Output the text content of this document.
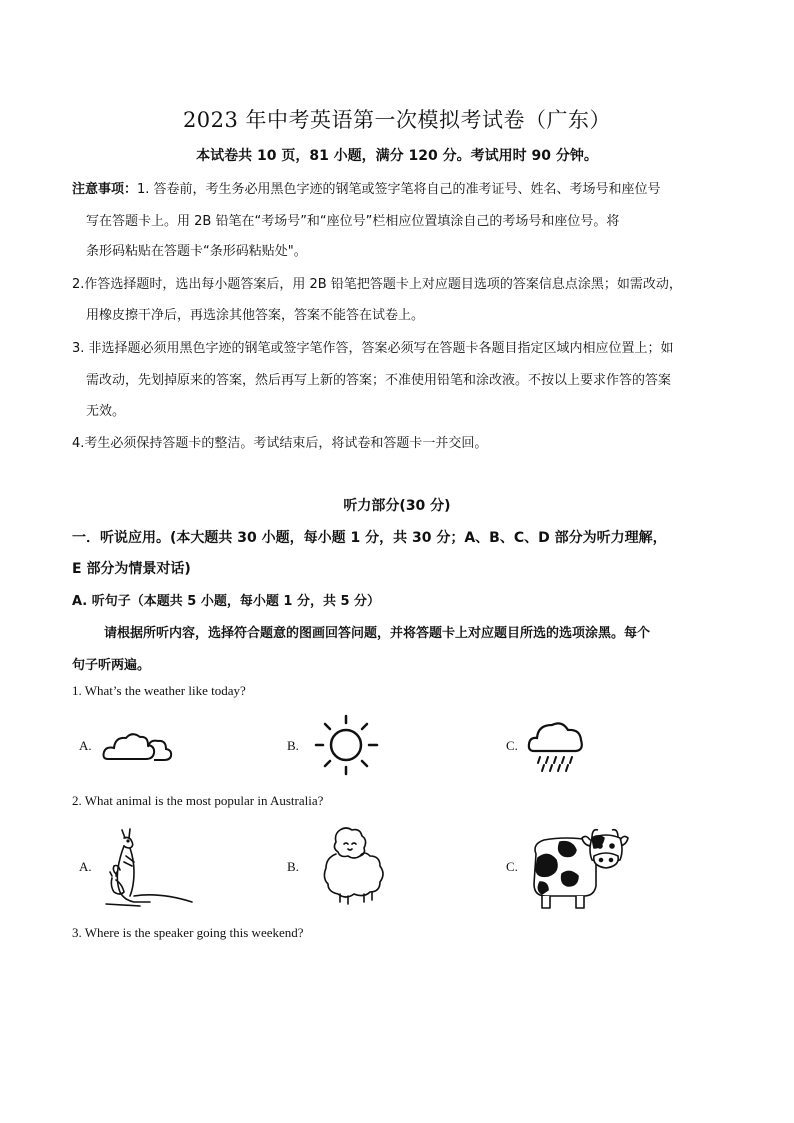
2023 年中考英语第一次模拟考试卷（广东）
本试卷共 10 页，81 小题，满分 120 分。考试用时 90 分钟。
注意事项：1. 答卷前，考生务必用黑色字迹的钢笔或签字笔将自己的准考证号、姓名、考场号和座位号
写在答题卡上。用 2B 铅笔在“考场号”和“座位号”栏相应位置填涂自己的考场号和座位号。将
条形码粘贴在答题卡“条形码粘贴处"。
2.作答选择题时，选出每小题答案后，用 2B 铅笔把答题卡上对应题目选项的答案信息点涂黑；如需改动，
用橡皮擦干净后，再选涂其他答案，答案不能答在试卷上。
3. 非选择题必须用黑色字迹的钢笔或签字笔作答，答案必须写在答题卡各题目指定区域内相应位置上；如
需改动，先划掉原来的答案，然后再写上新的答案；不准使用铅笔和涂改液。不按以上要求作答的答案
无效。
4.考生必须保持答题卡的整洁。考试结束后，将试卷和答题卡一并交回。
听力部分(30 分)
一．听说应用。(本大题共 30 小题，每小题 1 分，共 30 分；A、B、C、D 部分为听力理解，
E 部分为情景对话)
A. 听句子（本题共 5 小题，每小题 1 分，共 5 分）
请根据所听内容，选择符合题意的图画回答问题，并将答题卡上对应题目所选的选项涂黑。每个
句子听两遍。
1. What’s the weather like today?
A.	B.	C.
2. What animal is the most popular in Australia?
A.	B.	C.
3. Where is the speaker going this weekend?
